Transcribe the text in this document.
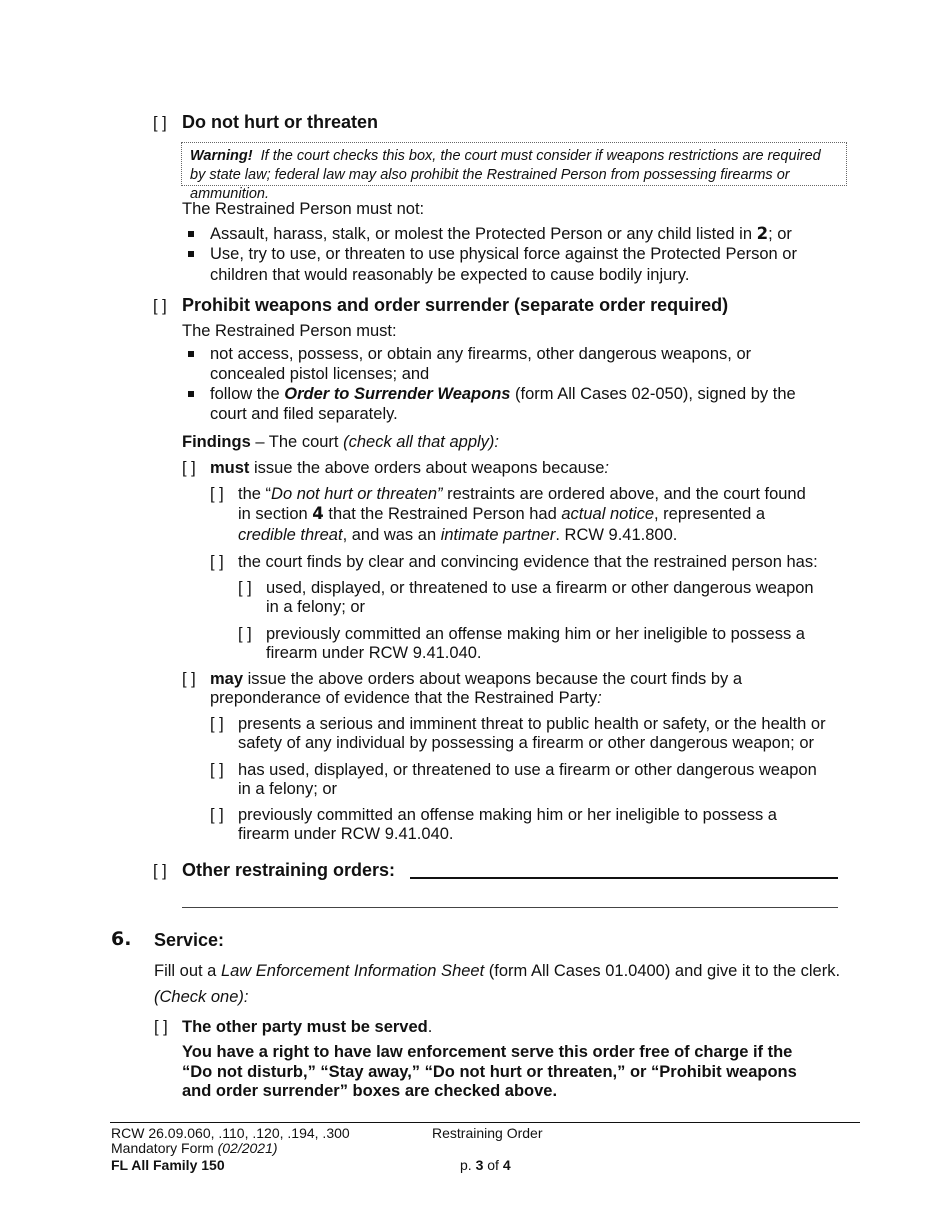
[ ] Do not hurt or threaten
Warning! If the court checks this box, the court must consider if weapons restrictions are required by state law; federal law may also prohibit the Restrained Person from possessing firearms or ammunition.
The Restrained Person must not:
Assault, harass, stalk, or molest the Protected Person or any child listed in 2; or
Use, try to use, or threaten to use physical force against the Protected Person or
children that would reasonably be expected to cause bodily injury.
[ ] Prohibit weapons and order surrender (separate order required)
The Restrained Person must:
not access, possess, or obtain any firearms, other dangerous weapons, or
concealed pistol licenses; and
follow the Order to Surrender Weapons (form All Cases 02-050), signed by the
court and filed separately.
Findings – The court (check all that apply):
[ ] must issue the above orders about weapons because:
[ ] the “Do not hurt or threaten” restraints are ordered above, and the court found
in section 4 that the Restrained Person had actual notice, represented a
credible threat, and was an intimate partner. RCW 9.41.800.
[ ] the court finds by clear and convincing evidence that the restrained person has:
[ ] used, displayed, or threatened to use a firearm or other dangerous weapon
in a felony; or
[ ] previously committed an offense making him or her ineligible to possess a
firearm under RCW 9.41.040.
[ ] may issue the above orders about weapons because the court finds by a
preponderance of evidence that the Restrained Party:
[ ] presents a serious and imminent threat to public health or safety, or the health or
safety of any individual by possessing a firearm or other dangerous weapon; or
[ ] has used, displayed, or threatened to use a firearm or other dangerous weapon
in a felony; or
[ ] previously committed an offense making him or her ineligible to possess a
firearm under RCW 9.41.040.
[ ] Other restraining orders:
6. Service:
Fill out a Law Enforcement Information Sheet (form All Cases 01.0400) and give it to the clerk.
(Check one):
[ ] The other party must be served.
You have a right to have law enforcement serve this order free of charge if the
“Do not disturb,” “Stay away,” “Do not hurt or threaten,” or “Prohibit weapons
and order surrender” boxes are checked above.
RCW 26.09.060, .110, .120, .194, .300
Mandatory Form (02/2021)
FL All Family 150
Restraining Order
p. 3 of 4
